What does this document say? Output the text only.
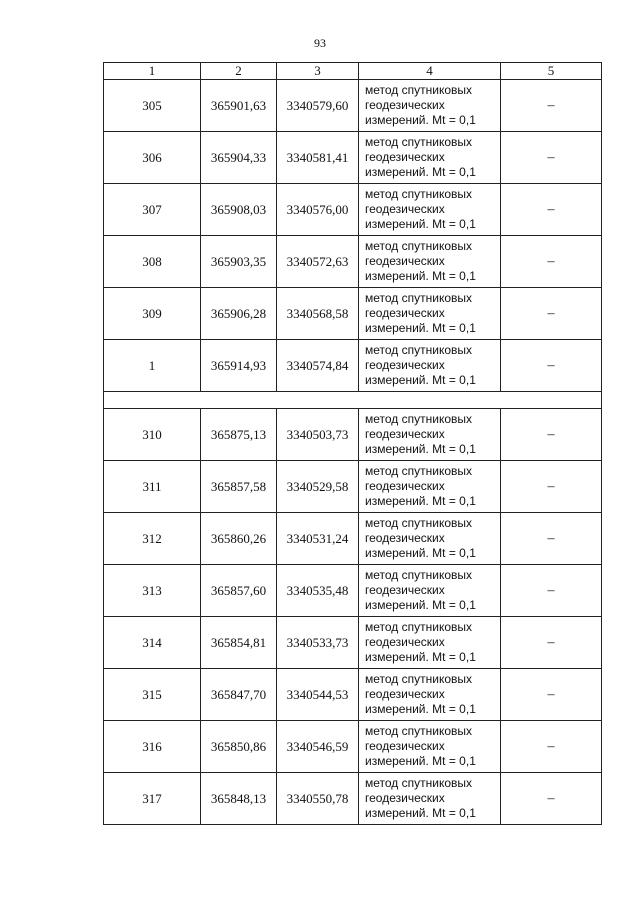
93
1	2	3	4	5
305	365901,63	3340579,60	метод спутниковых
геодезических
измерений. Mt = 0,1	–
306	365904,33	3340581,41	метод спутниковых
геодезических
измерений. Mt = 0,1	–
307	365908,03	3340576,00	метод спутниковых
геодезических
измерений. Mt = 0,1	–
308	365903,35	3340572,63	метод спутниковых
геодезических
измерений. Mt = 0,1	–
309	365906,28	3340568,58	метод спутниковых
геодезических
измерений. Mt = 0,1	–
1	365914,93	3340574,84	метод спутниковых
геодезических
измерений. Mt = 0,1	–

310	365875,13	3340503,73	метод спутниковых
геодезических
измерений. Mt = 0,1	–
311	365857,58	3340529,58	метод спутниковых
геодезических
измерений. Mt = 0,1	–
312	365860,26	3340531,24	метод спутниковых
геодезических
измерений. Mt = 0,1	–
313	365857,60	3340535,48	метод спутниковых
геодезических
измерений. Mt = 0,1	–
314	365854,81	3340533,73	метод спутниковых
геодезических
измерений. Mt = 0,1	–
315	365847,70	3340544,53	метод спутниковых
геодезических
измерений. Mt = 0,1	–
316	365850,86	3340546,59	метод спутниковых
геодезических
измерений. Mt = 0,1	–
317	365848,13	3340550,78	метод спутниковых
геодезических
измерений. Mt = 0,1	–
